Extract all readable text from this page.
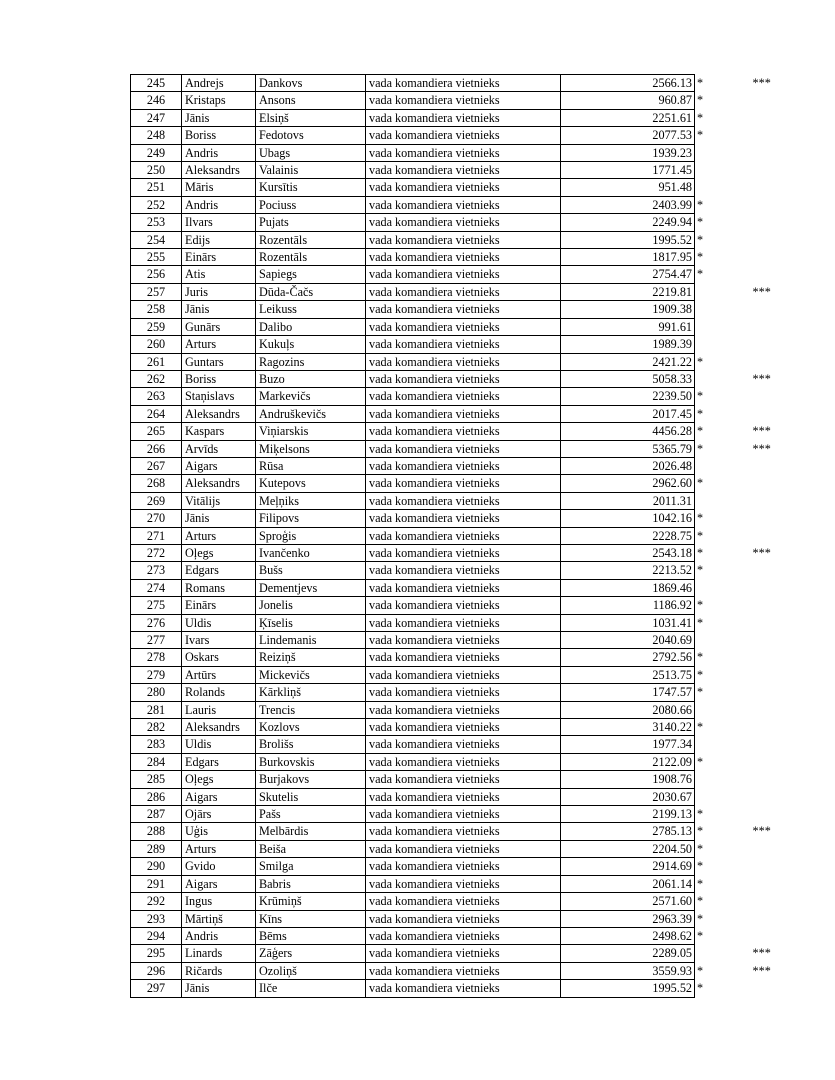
245	Andrejs	Dankovs	vada komandiera vietnieks	2566.13	*	***
246	Kristaps	Ansons	vada komandiera vietnieks	960.87	*	
247	Jānis	Elsiņš	vada komandiera vietnieks	2251.61	*	
248	Boriss	Fedotovs	vada komandiera vietnieks	2077.53	*	
249	Andris	Ubags	vada komandiera vietnieks	1939.23		
250	Aleksandrs	Valainis	vada komandiera vietnieks	1771.45		
251	Māris	Kursītis	vada komandiera vietnieks	951.48		
252	Andris	Pociuss	vada komandiera vietnieks	2403.99	*	
253	Ilvars	Pujats	vada komandiera vietnieks	2249.94	*	
254	Edijs	Rozentāls	vada komandiera vietnieks	1995.52	*	
255	Einārs	Rozentāls	vada komandiera vietnieks	1817.95	*	
256	Atis	Sapiegs	vada komandiera vietnieks	2754.47	*	
257	Juris	Dūda-Čačs	vada komandiera vietnieks	2219.81		***
258	Jānis	Leikuss	vada komandiera vietnieks	1909.38		
259	Gunārs	Dalibo	vada komandiera vietnieks	991.61		
260	Arturs	Kukuļs	vada komandiera vietnieks	1989.39		
261	Guntars	Ragozins	vada komandiera vietnieks	2421.22	*	
262	Boriss	Buzo	vada komandiera vietnieks	5058.33		***
263	Staņislavs	Markevičs	vada komandiera vietnieks	2239.50	*	
264	Aleksandrs	Andruškevičs	vada komandiera vietnieks	2017.45	*	
265	Kaspars	Viņiarskis	vada komandiera vietnieks	4456.28	*	***
266	Arvīds	Miķelsons	vada komandiera vietnieks	5365.79	*	***
267	Aigars	Rūsa	vada komandiera vietnieks	2026.48		
268	Aleksandrs	Kutepovs	vada komandiera vietnieks	2962.60	*	
269	Vitālijs	Meļņiks	vada komandiera vietnieks	2011.31		
270	Jānis	Filipovs	vada komandiera vietnieks	1042.16	*	
271	Arturs	Sproģis	vada komandiera vietnieks	2228.75	*	
272	Oļegs	Ivančenko	vada komandiera vietnieks	2543.18	*	***
273	Edgars	Bušs	vada komandiera vietnieks	2213.52	*	
274	Romans	Dementjevs	vada komandiera vietnieks	1869.46		
275	Einārs	Jonelis	vada komandiera vietnieks	1186.92	*	
276	Uldis	Ķīselis	vada komandiera vietnieks	1031.41	*	
277	Ivars	Lindemanis	vada komandiera vietnieks	2040.69		
278	Oskars	Reiziņš	vada komandiera vietnieks	2792.56	*	
279	Artūrs	Mickevičs	vada komandiera vietnieks	2513.75	*	
280	Rolands	Kārkliņš	vada komandiera vietnieks	1747.57	*	
281	Lauris	Trencis	vada komandiera vietnieks	2080.66		
282	Aleksandrs	Kozlovs	vada komandiera vietnieks	3140.22	*	
283	Uldis	Brolišs	vada komandiera vietnieks	1977.34		
284	Edgars	Burkovskis	vada komandiera vietnieks	2122.09	*	
285	Oļegs	Burjakovs	vada komandiera vietnieks	1908.76		
286	Aigars	Skutelis	vada komandiera vietnieks	2030.67		
287	Ojārs	Pašs	vada komandiera vietnieks	2199.13	*	
288	Uģis	Melbārdis	vada komandiera vietnieks	2785.13	*	***
289	Arturs	Beiša	vada komandiera vietnieks	2204.50	*	
290	Gvido	Smilga	vada komandiera vietnieks	2914.69	*	
291	Aigars	Babris	vada komandiera vietnieks	2061.14	*	
292	Ingus	Krūmiņš	vada komandiera vietnieks	2571.60	*	
293	Mārtiņš	Kīns	vada komandiera vietnieks	2963.39	*	
294	Andris	Bēms	vada komandiera vietnieks	2498.62	*	
295	Linards	Zāģers	vada komandiera vietnieks	2289.05		***
296	Ričards	Ozoliņš	vada komandiera vietnieks	3559.93	*	***
297	Jānis	Ilče	vada komandiera vietnieks	1995.52	*	
